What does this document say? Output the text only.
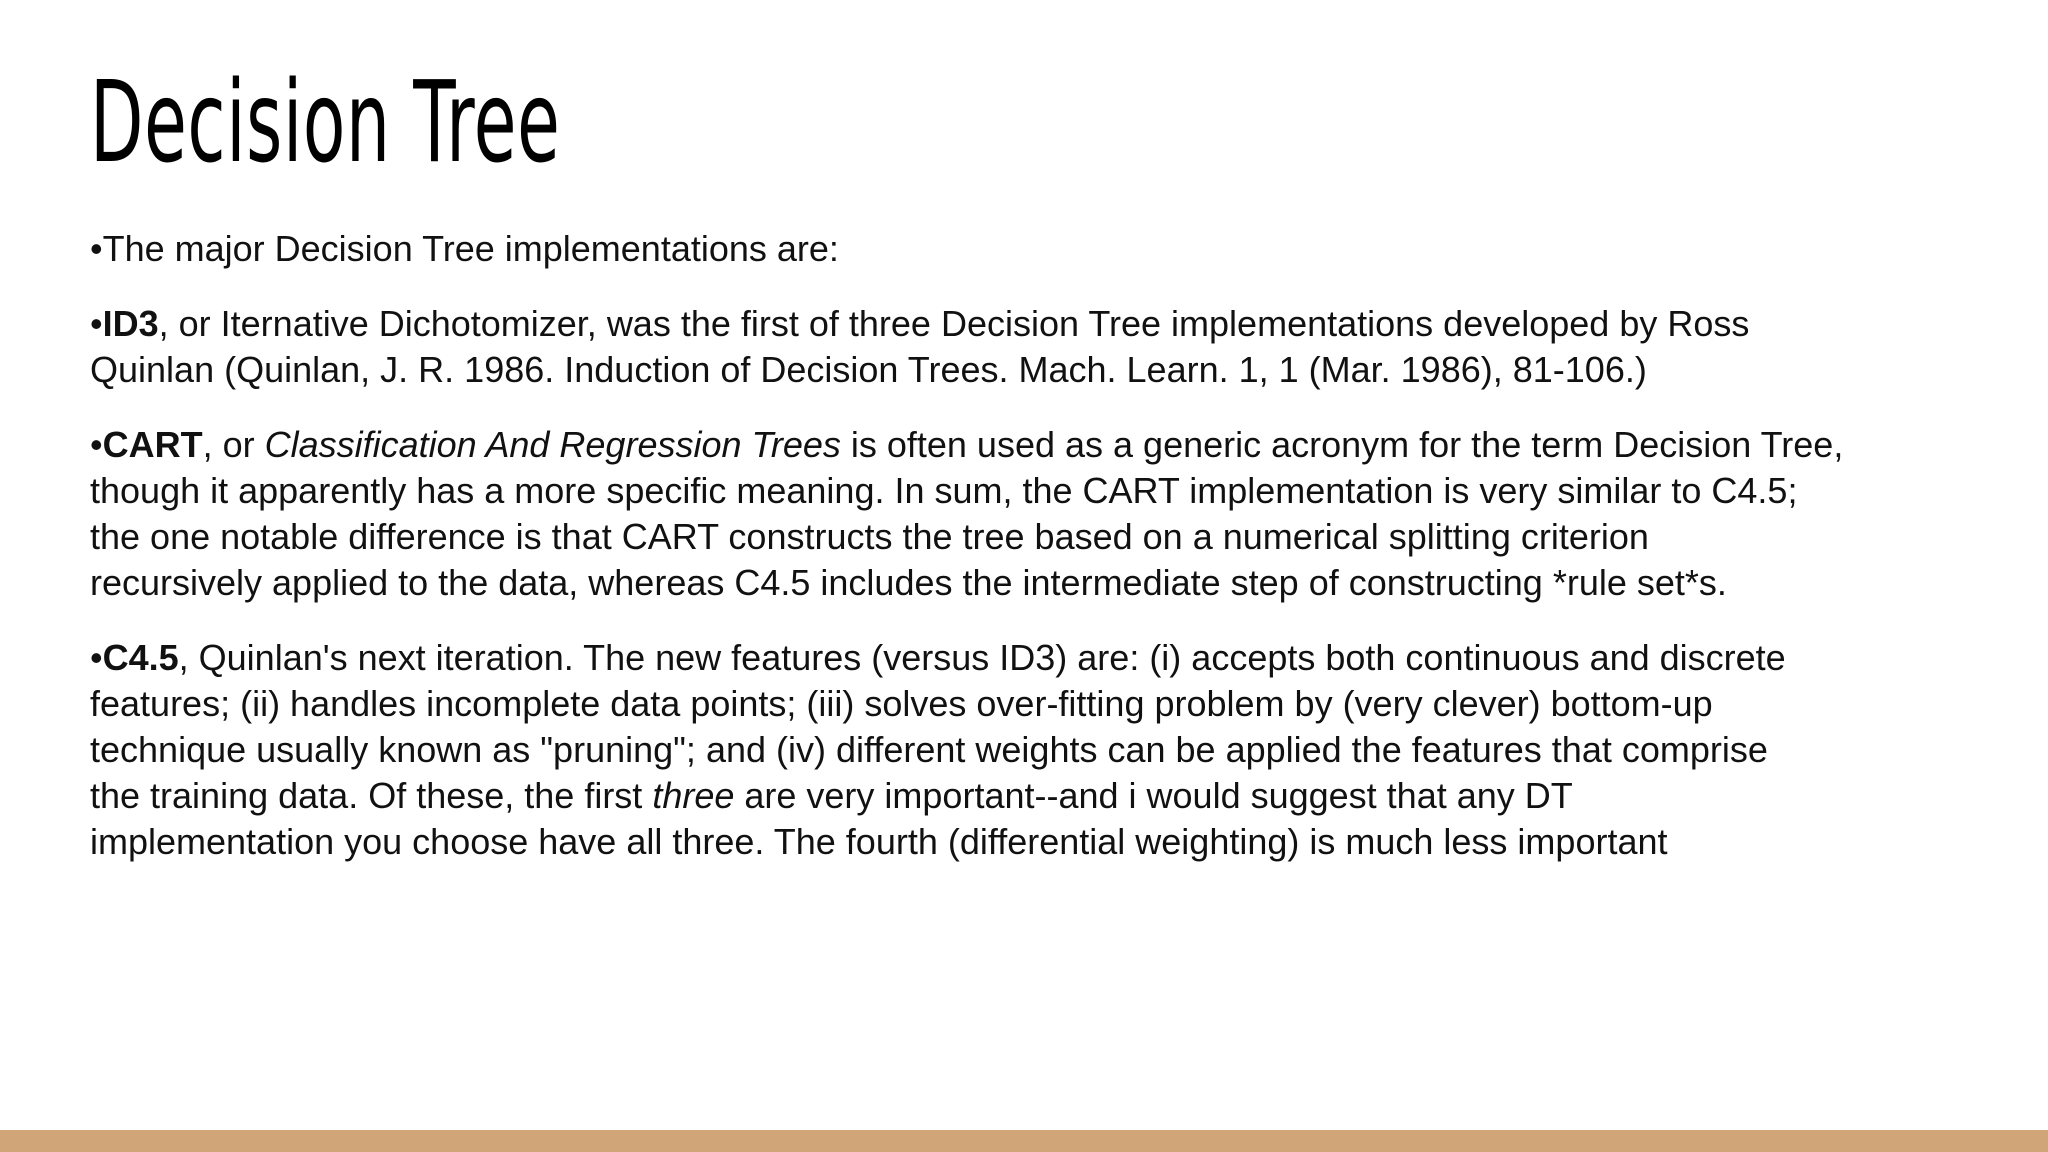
Decision Tree

•The major Decision Tree implementations are:

•ID3, or Iternative Dichotomizer, was the first of three Decision Tree implementations developed by Ross
Quinlan (Quinlan, J. R. 1986. Induction of Decision Trees. Mach. Learn. 1, 1 (Mar. 1986), 81-106.)

•CART, or Classification And Regression Trees is often used as a generic acronym for the term Decision Tree,
though it apparently has a more specific meaning. In sum, the CART implementation is very similar to C4.5;
the one notable difference is that CART constructs the tree based on a numerical splitting criterion
recursively applied to the data, whereas C4.5 includes the intermediate step of constructing *rule set*s.

•C4.5, Quinlan's next iteration. The new features (versus ID3) are: (i) accepts both continuous and discrete
features; (ii) handles incomplete data points; (iii) solves over-fitting problem by (very clever) bottom-up
technique usually known as "pruning"; and (iv) different weights can be applied the features that comprise
the training data. Of these, the first three are very important--and i would suggest that any DT
implementation you choose have all three. The fourth (differential weighting) is much less important
